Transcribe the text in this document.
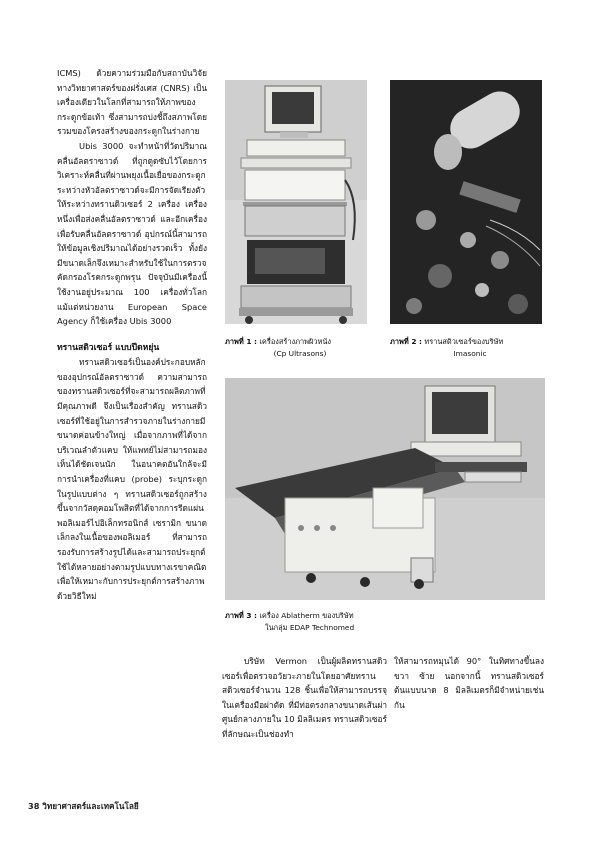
ICMS) ด้วยความร่วมมือกับสถาบันวิจัยทางวิทยาศาสตร์ของฝรั่งเศส (CNRS) เป็นเครื่องเดียวในโลกที่สามารถให้ภาพของกระดูกข้อเท้า ซึ่งสามารถบ่งชี้ถึงสภาพโดยรวมของโครงสร้างของกระดูกในร่างกาย

Ubis 3000 จะทำหน้าที่วัดปริมาณคลื่นอัลตราซาวด์ ที่ถูกดูดซับไว้โดยการวิเคราะห์คลื่นที่ผ่านพยุงเนื้อเยื่อของกระดูก ระหว่างหัวอัลตราซาวด์จะมีการจัดเรียงตัวให้ระหว่างทรานดิวเซอร์ 2 เครื่อง เครื่องหนึ่งเพื่อส่งคลื่นอัลตราซาวด์ และอีกเครื่องเพื่อรับคลื่นอัลตราซาวด์ อุปกรณ์นี้สามารถให้ข้อมูลเชิงปริมาณได้อย่างรวดเร็ว ทั้งยังมีขนาดเล็กจึงเหมาะสำหรับใช้ในการตรวจคัดกรองโรคกระดูกพรุน ปัจจุบันมีเครื่องนี้ใช้งานอยู่ประมาณ 100 เครื่องทั่วโลก แม้แต่หน่วยงาน European Space Agency ก็ใช้เครื่อง Ubis 3000

ทรานสดิวเซอร์ แบบปีดหยุ่น

ทรานสดิวเซอร์เป็นองค์ประกอบหลักของอุปกรณ์อัลตราซาวด์ ความสามารถของทรานสดิวเซอร์ที่จะสามารถผลิตภาพที่มีคุณภาพดี จึงเป็นเรื่องสำคัญ ทรานสดิวเซอร์ที่ใช้อยู่ในการสำรวจภายในร่างกายมีขนาดค่อนข้างใหญ่ เมื่อจากภาพที่ได้จากบริเวณลำตัวแคบ ให้แพทย์ไม่สามารถมองเห็นได้ชัดเจนนัก ในอนาคตอันใกล้จะมีการนำเครื่องที่แคบ (probe) ระบุกระดูกในรูปแบบต่าง ๆ ทรานสดิวเซอร์ถูกสร้างขึ้นจากวัสดุคอมโพสิตที่ได้จากการรีดแผ่นพอลิเมอร์ไปอิเล็กทรอนิกส์ เซรามิก ขนาดเล็กลงในเนื้อของพอลิเมอร์ ที่สามารถรองรับการสร้างรูปได้และสามารถประยุกต์ใช้ได้หลายอย่างตามรูปแบบทางเรขาคณิต เพื่อให้เหมาะกับการประยุกต์การสร้างภาพด้วยวิธีใหม่

ภาพที่ 1 : เครื่องสร้างภาพผิวหนัง
(Cp Ultrasons)
ภาพที่ 2 : ทรานสดิวเซอร์ของบริษัท
Imasonic
ภาพที่ 3 : เครื่อง Ablatherm ของบริษัท
ในกลุ่ม EDAP Technomed

บริษัท Vermon เป็นผู้ผลิตทรานสดิวเซอร์เพื่อตรวจอวัยวะภายในโดยอาศัยทรานสดิวเซอร์จำนวน 128 ชิ้นเพื่อให้สามารถบรรจุในเครื่องมือผ่าตัด ที่มีท่อตรงกลางขนาดเส้นผ่าศูนย์กลางภายใน 10 มิลลิเมตร ทรานสดิวเซอร์ที่ลักษณะเป็นช่องทำ

ให้สามารถหมุนได้ 90° ในทิศทางขึ้นลง ขวา ซ้าย นอกจากนี้ ทรานสดิวเซอร์ต้นแบบนาด 8 มิลลิเมตรก็มีจำหน่ายเช่นกัน

38 วิทยาศาสตร์และเทคโนโลยี
